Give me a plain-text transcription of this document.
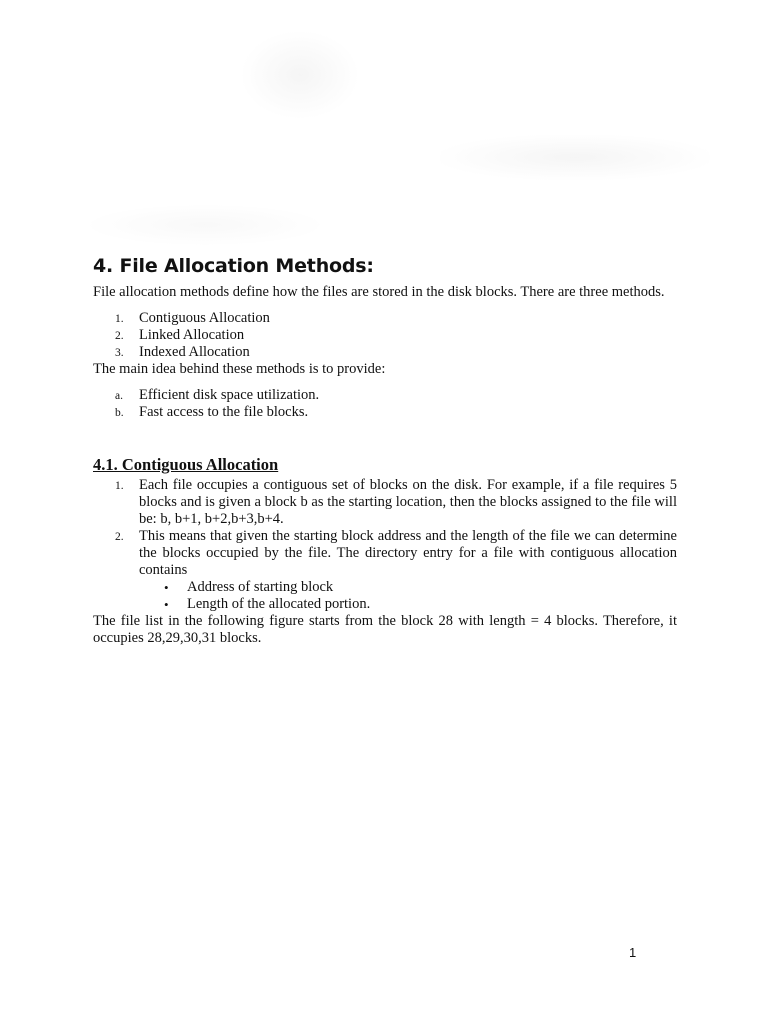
4. File Allocation Methods:

File allocation methods define how the files are stored in the disk blocks. There are three methods.

1. Contiguous Allocation
2. Linked Allocation
3. Indexed Allocation

The main idea behind these methods is to provide:

a. Efficient disk space utilization.
b. Fast access to the file blocks.
4.1. Contiguous Allocation
1. Each file occupies a contiguous set of blocks on the disk. For example, if a file requires 5 blocks and is given a block b as the starting location, then the blocks assigned to the file will be: b, b+1, b+2,b+3,b+4.
2. This means that given the starting block address and the length of the file we can determine the blocks occupied by the file. The directory entry for a file with contiguous allocation contains
• Address of starting block
• Length of the allocated portion.

The file list in the following figure starts from the block 28 with length = 4 blocks. Therefore, it occupies 28,29,30,31 blocks.

1
